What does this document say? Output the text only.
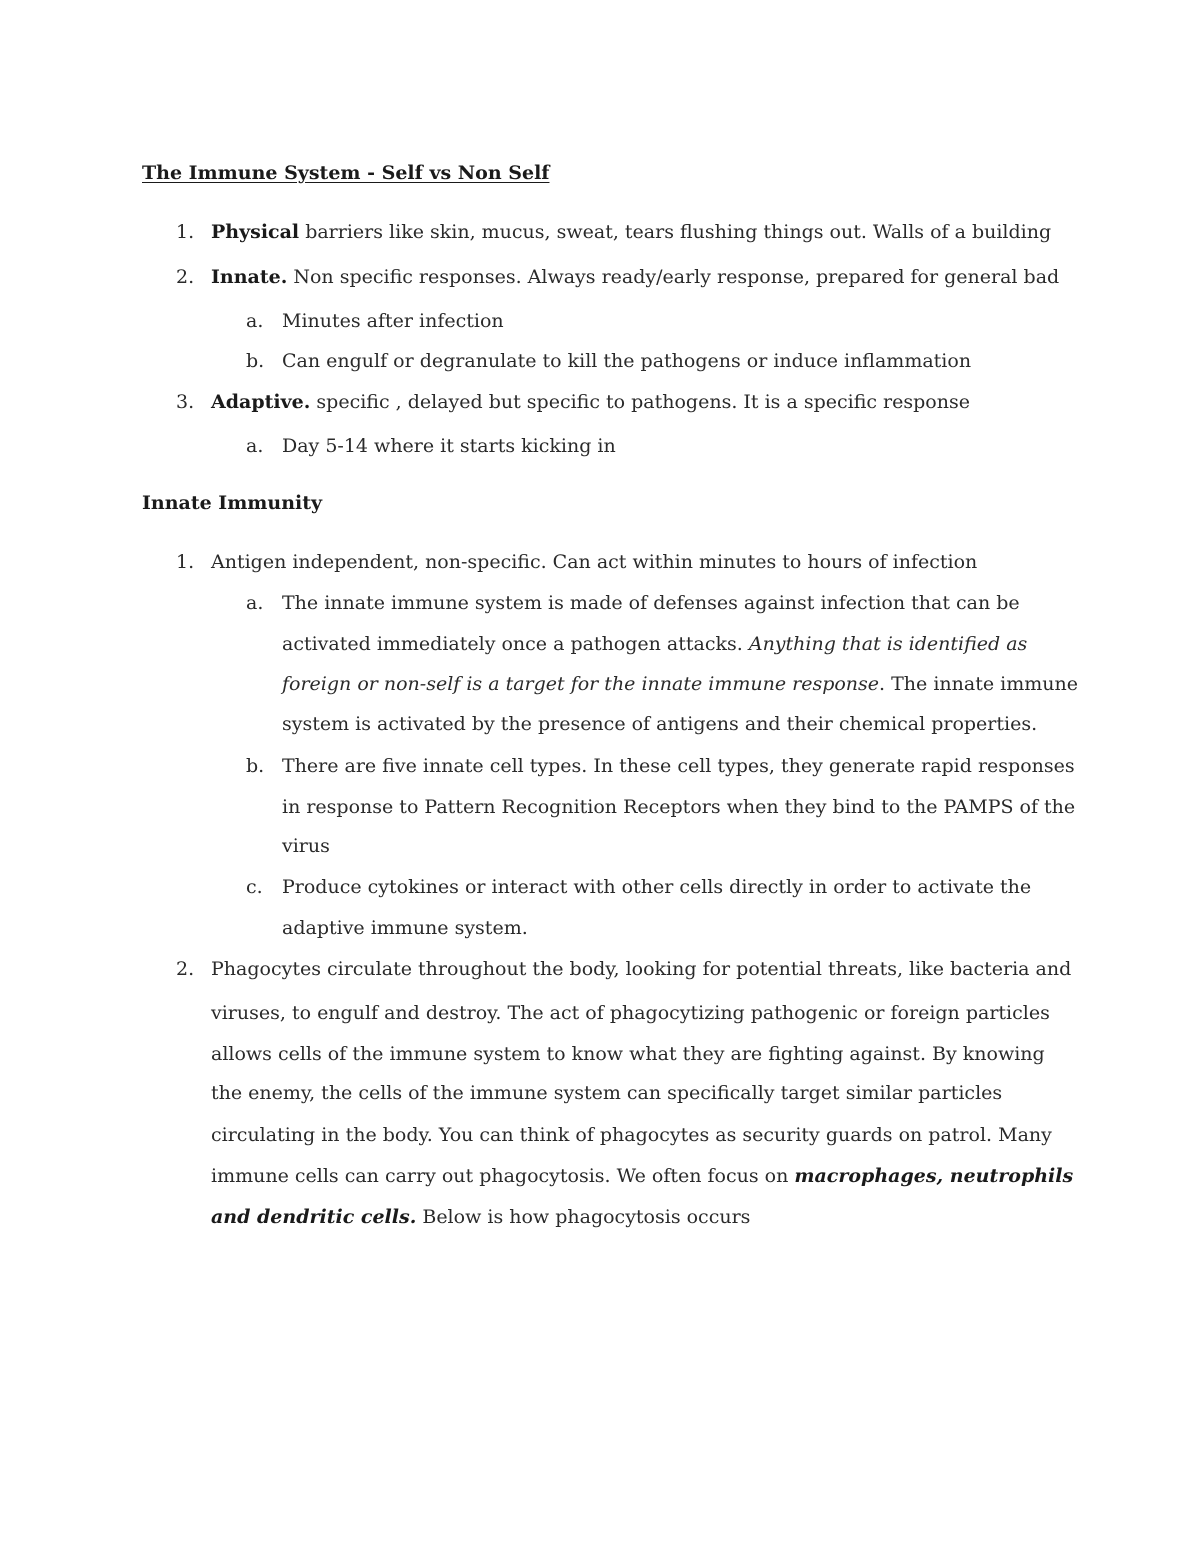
The Immune System - Self vs Non Self
1. Physical barriers like skin, mucus, sweat, tears flushing things out. Walls of a building
2. Innate. Non specific responses. Always ready/early response, prepared for general bad
a. Minutes after infection
b. Can engulf or degranulate to kill the pathogens or induce inflammation
3. Adaptive. specific , delayed but specific to pathogens. It is a specific response
a. Day 5-14 where it starts kicking in
Innate Immunity
1. Antigen independent, non-specific. Can act within minutes to hours of infection
a. The innate immune system is made of defenses against infection that can be
activated immediately once a pathogen attacks. Anything that is identified as
foreign or non-self is a target for the innate immune response. The innate immune
system is activated by the presence of antigens and their chemical properties.
b. There are five innate cell types. In these cell types, they generate rapid responses
in response to Pattern Recognition Receptors when they bind to the PAMPS of the
virus
c. Produce cytokines or interact with other cells directly in order to activate the
adaptive immune system.
2. Phagocytes circulate throughout the body, looking for potential threats, like bacteria and
viruses, to engulf and destroy. The act of phagocytizing pathogenic or foreign particles
allows cells of the immune system to know what they are fighting against. By knowing
the enemy, the cells of the immune system can specifically target similar particles
circulating in the body. You can think of phagocytes as security guards on patrol. Many
immune cells can carry out phagocytosis. We often focus on macrophages, neutrophils
and dendritic cells. Below is how phagocytosis occurs
